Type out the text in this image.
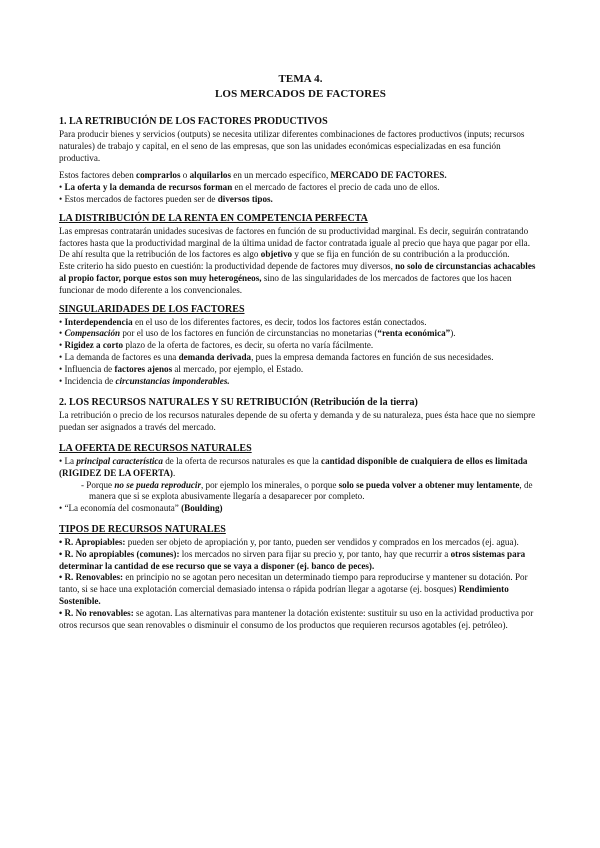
TEMA 4.
LOS MERCADOS DE FACTORES
1. LA RETRIBUCIÓN DE LOS FACTORES PRODUCTIVOS

Para producir bienes y servicios (outputs) se necesita utilizar diferentes combinaciones de factores productivos (inputs; recursos naturales) de trabajo y capital, en el seno de las empresas, que son las unidades económicas especializadas en esa función productiva.

Estos factores deben comprarlos o alquilarlos en un mercado específico, MERCADO DE FACTORES.

• La oferta y la demanda de recursos forman en el mercado de factores el precio de cada uno de ellos.

• Estos mercados de factores pueden ser de diversos tipos.

LA DISTRIBUCIÓN DE LA RENTA EN COMPETENCIA PERFECTA

Las empresas contratarán unidades sucesivas de factores en función de su productividad marginal. Es decir, seguirán contratando factores hasta que la productividad marginal de la última unidad de factor contratada iguale al precio que haya que pagar por ella.

De ahí resulta que la retribución de los factores es algo objetivo y que se fija en función de su contribución a la producción.

Este criterio ha sido puesto en cuestión: la productividad depende de factores muy diversos, no solo de circunstancias achacables al propio factor, porque estos son muy heterogéneos, sino de las singularidades de los mercados de factores que los hacen funcionar de modo diferente a los convencionales.

SINGULARIDADES DE LOS FACTORES

• Interdependencia en el uso de los diferentes factores, es decir, todos los factores están conectados.

• Compensación por el uso de los factores en función de circunstancias no monetarias (“renta económica”).

• Rigidez a corto plazo de la oferta de factores, es decir, su oferta no varía fácilmente.

• La demanda de factores es una demanda derivada, pues la empresa demanda factores en función de sus necesidades.

• Influencia de factores ajenos al mercado, por ejemplo, el Estado.

• Incidencia de circunstancias imponderables.

2. LOS RECURSOS NATURALES Y SU RETRIBUCIÓN (Retribución de la tierra)

La retribución o precio de los recursos naturales depende de su oferta y demanda y de su naturaleza, pues ésta hace que no siempre puedan ser asignados a través del mercado.

LA OFERTA DE RECURSOS NATURALES

• La principal característica de la oferta de recursos naturales es que la cantidad disponible de cualquiera de ellos es limitada (RIGIDEZ DE LA OFERTA).

- Porque no se pueda reproducir, por ejemplo los minerales, o porque solo se pueda volver a obtener muy lentamente, de manera que si se explota abusivamente llegaría a desaparecer por completo.

• “La economía del cosmonauta” (Boulding)

TIPOS DE RECURSOS NATURALES

• R. Apropiables: pueden ser objeto de apropiación y, por tanto, pueden ser vendidos y comprados en los mercados (ej. agua).

• R. No apropiables (comunes): los mercados no sirven para fijar su precio y, por tanto, hay que recurrir a otros sistemas para determinar la cantidad de ese recurso que se vaya a disponer (ej. banco de peces).

• R. Renovables: en principio no se agotan pero necesitan un determinado tiempo para reproducirse y mantener su dotación. Por tanto, si se hace una explotación comercial demasiado intensa o rápida podrían llegar a agotarse (ej. bosques) Rendimiento Sostenible.

• R. No renovables: se agotan. Las alternativas para mantener la dotación existente: sustituir su uso en la actividad productiva por otros recursos que sean renovables o disminuir el consumo de los productos que requieren recursos agotables (ej. petróleo).
